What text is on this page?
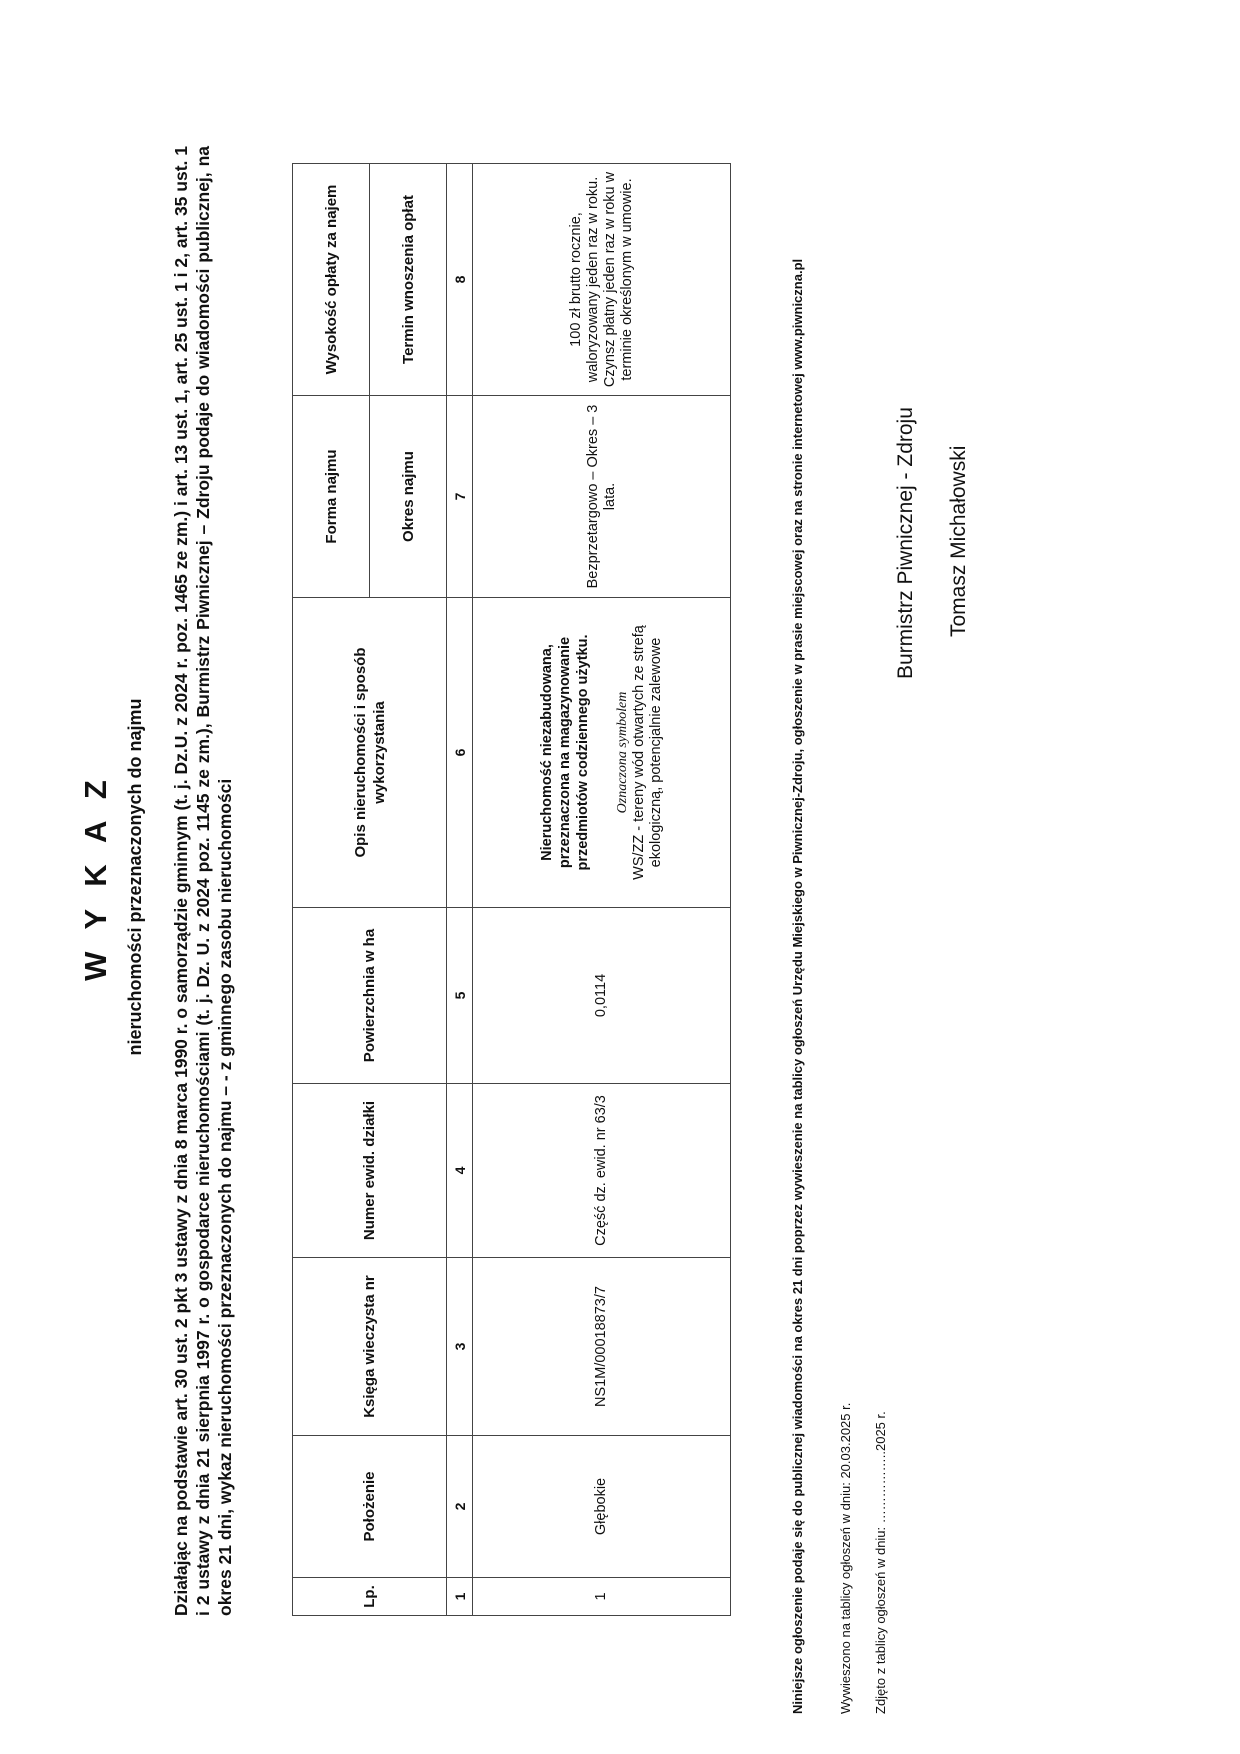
W Y K A Z nieruchomości przeznaczonych do najmu Działając na podstawie art. 30 ust. 2 pkt 3 ustawy z dnia 8 marca 1990 r. o samorządzie gminnym (t. j. Dz.U. z 2024 r. poz. 1465 ze zm.) i art. 13 ust. 1, art. 25 ust. 1 i 2, art. 35 ust. 1 i 2 ustawy z dnia 21 sierpnia 1997 r. o gospodarce nieruchomościami (t. j. Dz. U. z 2024 poz. 1145 ze zm.), Burmistrz Piwnicznej – Zdroju podaje do wiadomości publicznej, na okres 21 dni, wykaz nieruchomości przeznaczonych do najmu – - z gminnego zasobu nieruchomości	Lp.	Położenie	Księga wieczysta nr	Numer ewid. działki	Powierzchnia w ha	Opis nieruchomości i sposób wykorzystania	Forma najmu	Wysokość opłaty za najem
						Okres najmu	Termin wnoszenia opłat
1	2	3	4	5	6	7	8
1	Głębokie	NS1M/00018873/7	Część dz. ewid. nr 63/3	0,0114	Nieruchomość niezabudowana, przeznaczona na magazynowanie przedmiotów codziennego użytku. Oznaczona symbolem WS/ZZ - tereny wód otwartych ze strefą ekologiczną, potencjalnie zalewowe	Bezprzetargowo – Okres – 3 lata.	100 zł brutto rocznie, waloryzowany jeden raz w roku. Czynsz płatny jeden raz w roku w terminie określonym w umowie.	Niniejsze ogłoszenie podaje się do publicznej wiadomości na okres 21 dni poprzez wywieszenie na tablicy ogłoszeń Urzędu Miejskiego w Piwnicznej-Zdroju, ogłoszenie w prasie miejscowej oraz na stronie internetowej www.piwniczna.pl	Wywieszono na tablicy ogłoszeń w dniu: 20.03.2025 r. Zdjęto z tablicy ogłoszeń w dniu: ……………..2025 r.
Burmistrz Piwnicznej - Zdroju Tomasz Michałowski
